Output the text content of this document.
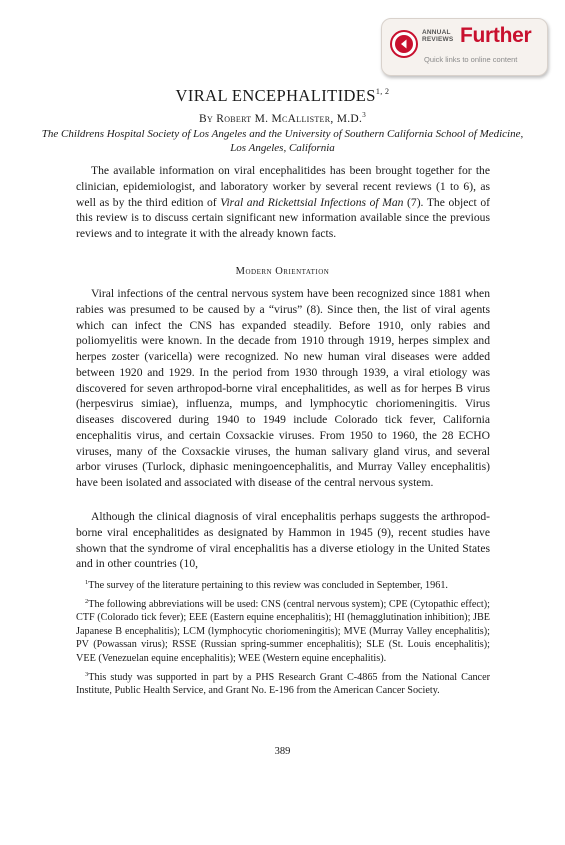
ANNUAL
REVIEWS Further
Quick links to online content
VIRAL ENCEPHALITIDES$^{1, 2}$
By Robert M. McAllister, M.D.$^3$
The Childrens Hospital Society of Los Angeles and the University of Southern California School of Medicine, Los Angeles, California

The available information on viral encephalitides has been brought together for the clinician, epidemiologist, and laboratory worker by several recent reviews (1 to 6), as well as by the third edition of Viral and Rickettsial Infections of Man (7). The object of this review is to discuss certain significant new information available since the previous reviews and to integrate it with the already known facts.

Modern Orientation

Viral infections of the central nervous system have been recognized since 1881 when rabies was presumed to be caused by a “virus” (8). Since then, the list of viral agents which can infect the CNS has expanded steadily. Before 1910, only rabies and poliomyelitis were known. In the decade from 1910 through 1919, herpes simplex and herpes zoster (varicella) were recognized. No new human viral diseases were added between 1920 and 1929. In the period from 1930 through 1939, a viral etiology was discovered for seven arthropod-borne viral encephalitides, as well as for herpes B virus (herpesvirus simiae), influenza, mumps, and lymphocytic choriomeningitis. Virus diseases discovered during 1940 to 1949 include Colorado tick fever, California encephalitis virus, and certain Coxsackie viruses. From 1950 to 1960, the 28 ECHO viruses, many of the Coxsackie viruses, the human salivary gland virus, and several arbor viruses (Turlock, diphasic meningoencephalitis, and Murray Valley encephalitis) have been isolated and associated with disease of the central nervous system.

Although the clinical diagnosis of viral encephalitis perhaps suggests the arthropod-borne viral encephalitides as designated by Hammon in 1945 (9), recent studies have shown that the syndrome of viral encephalitis has a diverse etiology in the United States and in other countries (10,

$^1$The survey of the literature pertaining to this review was concluded in September, 1961.

$^2$The following abbreviations will be used: CNS (central nervous system); CPE (Cytopathic effect); CTF (Colorado tick fever); EEE (Eastern equine encephalitis); HI (hemagglutination inhibition); JBE Japanese B encephalitis); LCM (lymphocytic choriomeningitis); MVE (Murray Valley encephalitis); PV (Powassan virus); RSSE (Russian spring-summer encephalitis); SLE (St. Louis encephalitis); VEE (Venezuelan equine encephalitis); WEE (Western equine encephalitis).

$^3$This study was supported in part by a PHS Research Grant C-4865 from the National Cancer Institute, Public Health Service, and Grant No. E-196 from the American Cancer Society.

389
